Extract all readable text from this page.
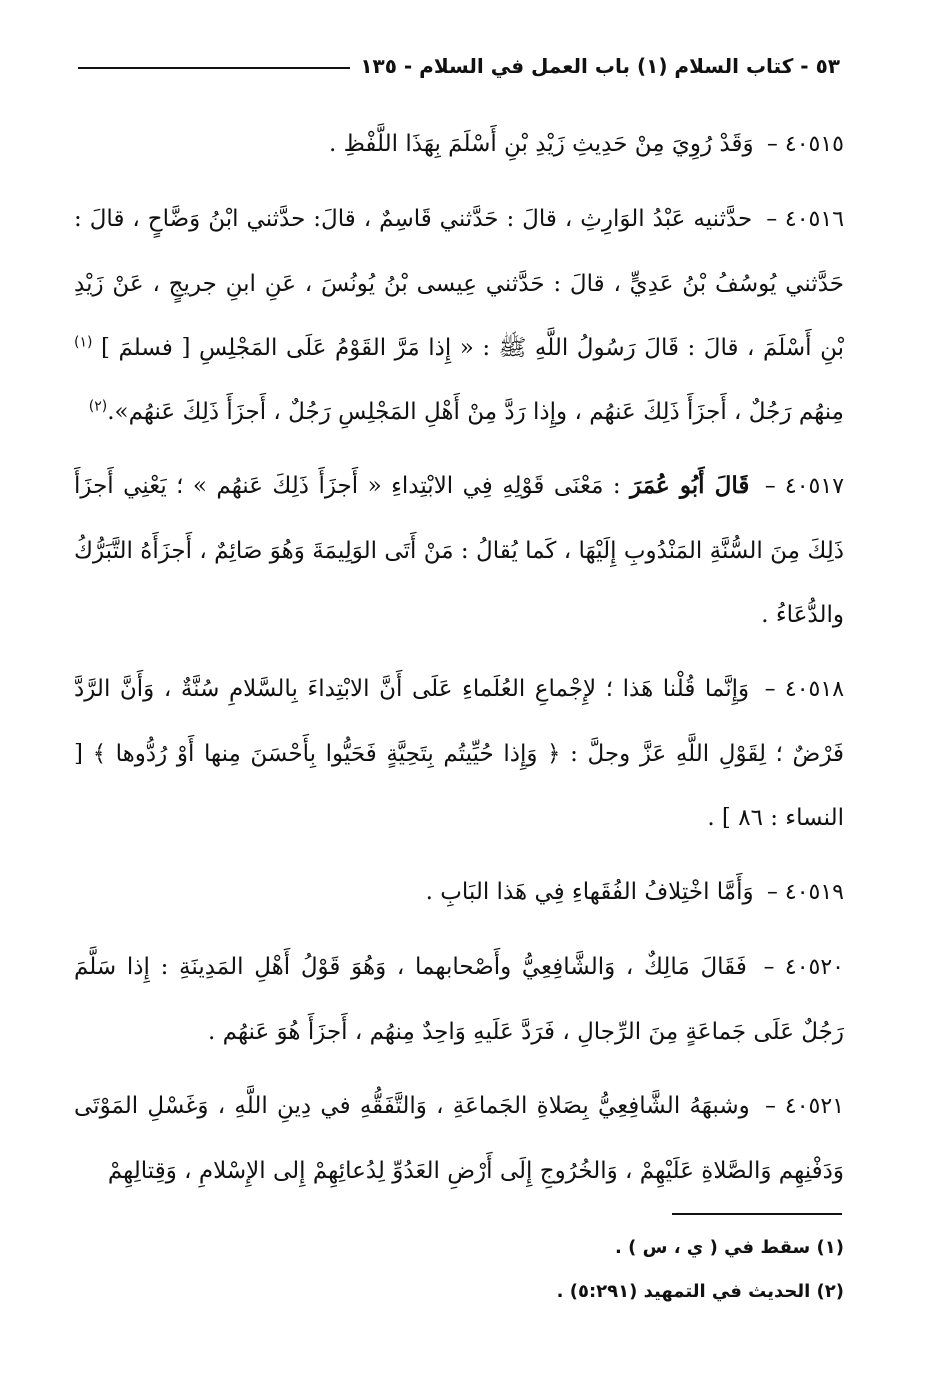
٥٣ - كتاب السلام (١) باب العمل في السلام - ١٣٥

٤٠٥١٥ – وَقَدْ رُوِيَ مِنْ حَدِيثِ زَيْدِ بْنِ أَسْلَمَ بِهَذَا اللَّفْظِ .

٤٠٥١٦ – حدَّثنيه عَبْدُ الوَارِثِ ، قالَ : حَدَّثني قَاسِمٌ ، قالَ: حدَّثني ابْنُ وَضَّاحٍ ، قالَ : حَدَّثني يُوسُفُ بْنُ عَدِيٍّ ، قالَ : حَدَّثني عِيسى بْنُ يُونُسَ ، عَنِ ابنِ جريجٍ ، عَنْ زَيْدِ بْنِ أَسْلَمَ ، قالَ : قَالَ رَسُولُ اللَّهِ ﷺ : « إِذا مَرَّ القَوْمُ عَلَى المَجْلِسِ [ فسلمَ ] $^{(١)}$ مِنهُم رَجُلٌ ، أَجزَأَ ذَلِكَ عَنهُم ، وإِذا رَدَّ مِنْ أَهْلِ المَجْلِسِ رَجُلٌ ، أَجزَأَ ذَلِكَ عَنهُم».$^{(٢)}$

٤٠٥١٧ – قَالَ أَبُو عُمَرَ : مَعْنَى قَوْلِهِ فِي الابْتِداءِ « أَجزَأَ ذَلِكَ عَنهُم » ؛ يَعْنِي أَجزَأَ ذَلِكَ مِنَ السُّنَّةِ المَنْدُوبِ إِلَيْهَا ، كَما يُقالُ : مَنْ أَتَى الوَلِيمَةَ وَهُوَ صَائِمٌ ، أَجزَأَهُ التَّبَرُّكُ والدُّعَاءُ .

٤٠٥١٨ – وَإِنَّما قُلْنا هَذا ؛ لإِجْماعِ العُلَماءِ عَلَى أَنَّ الابْتِداءَ بِالسَّلامِ سُنَّةٌ ، وَأَنَّ الرَّدَّ فَرْضٌ ؛ لِقَوْلِ اللَّهِ عَزَّ وجلَّ : ﴿ وَإِذا حُيِّيتُم بِتَحِيَّةٍ فَحَيُّوا بِأَحْسَنَ مِنها أَوْ رُدُّوها ﴾ [ النساء : ٨٦ ] .

٤٠٥١٩ – وَأَمَّا اخْتِلافُ الفُقَهاءِ فِي هَذا البَابِ .

٤٠٥٢٠ – فَقَالَ مَالِكٌ ، وَالشَّافِعِيُّ وأَصْحابهما ، وَهُوَ قَوْلُ أَهْلِ المَدِينَةِ : إِذا سَلَّمَ رَجُلٌ عَلَى جَماعَةٍ مِنَ الرِّجالِ ، فَرَدَّ عَلَيهِ وَاحِدٌ مِنهُم ، أَجزَأَ هُوَ عَنهُم .

٤٠٥٢١ – وشبهَهُ الشَّافِعِيُّ بِصَلاةِ الجَماعَةِ ، وَالتَّفَقُّهِ في دِينِ اللَّهِ ، وَغَسْلِ المَوْتَى وَدَفْنِهِم وَالصَّلاةِ عَلَيْهِمْ ، وَالخُرُوجِ إِلَى أَرْضِ العَدُوِّ لِدُعائِهِمْ إِلى الإِسْلامِ ، وَقِتالِهِمْ

(١) سقط في ( ي ، س ) .

(٢) الحديث في التمهيد (٥:٢٩١) .
